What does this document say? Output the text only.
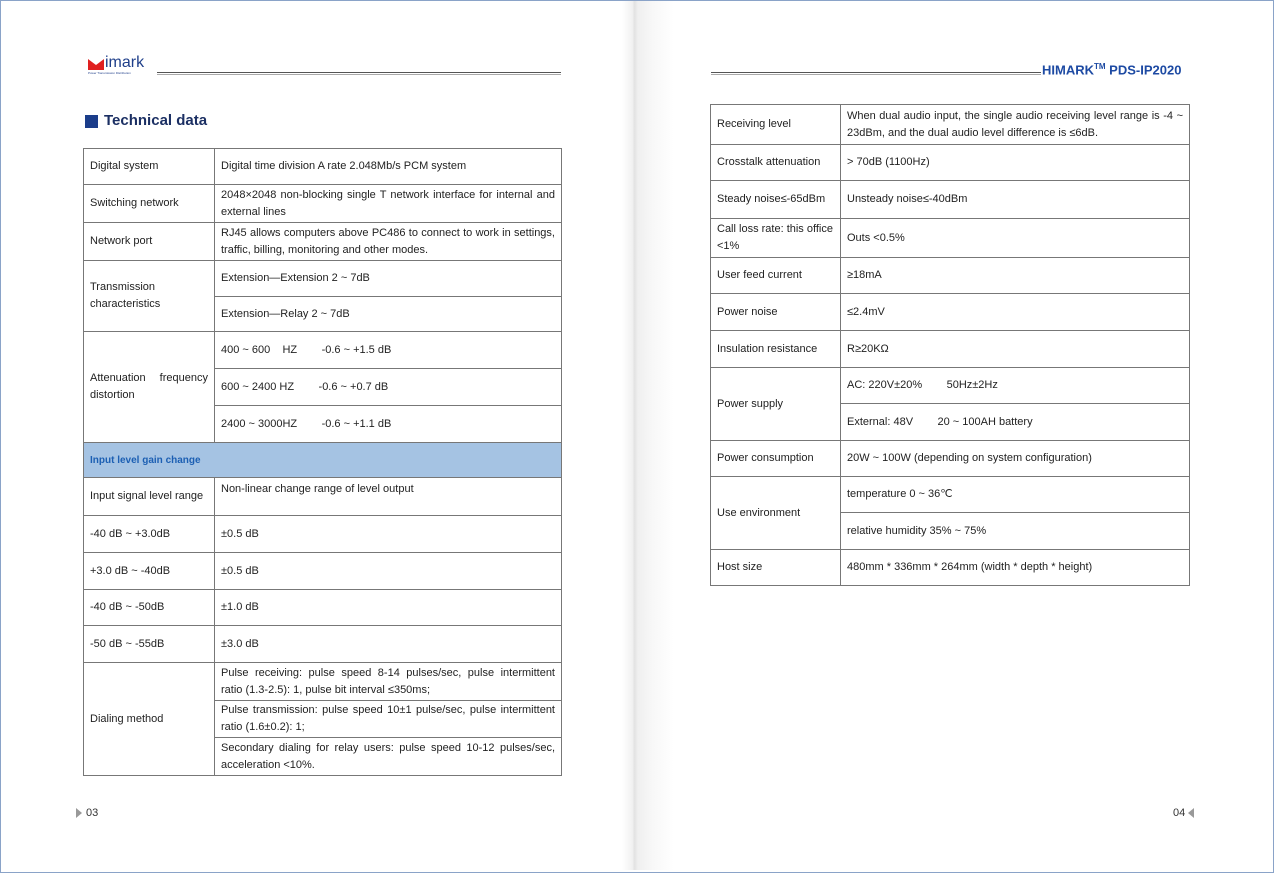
imark
Power Transmission Distribution
Technical data
Digital system	Digital time division A rate 2.048Mb/s PCM system
Switching network	2048×2048 non-blocking single T network interface for internal and external lines
Network port	RJ45 allows computers above PC486 to connect to work in settings, traffic, billing, monitoring and other modes.
Transmission characteristics	Extension—Extension 2 ~ 7dB
	Extension—Relay 2 ~ 7dB
Attenuation frequency distortion	400 ~ 600    HZ        -0.6 ~ +1.5 dB
	600 ~ 2400 HZ        -0.6 ~ +0.7 dB
	2400 ~ 3000HZ        -0.6 ~ +1.1 dB
Input level gain change	
Input signal level range	Non-linear change range of level output
-40 dB ~ +3.0dB	±0.5 dB
+3.0 dB ~ -40dB	±0.5 dB
-40 dB ~ -50dB	±1.0 dB
-50 dB ~ -55dB	±3.0 dB
Dialing method	Pulse receiving: pulse speed 8-14 pulses/sec, pulse intermittent ratio (1.3-2.5): 1, pulse bit interval ≤350ms;
	Pulse transmission: pulse speed 10±1 pulse/sec, pulse intermittent ratio (1.6±0.2): 1;
	Secondary dialing for relay users: pulse speed 10-12 pulses/sec, acceleration <10%.
03
HIMARK™ PDS-IP2020
Receiving level	When dual audio input, the single audio receiving level range is -4 ~ 23dBm, and the dual audio level difference is ≤6dB.
Crosstalk attenuation	> 70dB (1100Hz)
Steady noise≤-65dBm	Unsteady noise≤-40dBm
Call loss rate: this office <1%	Outs <0.5%
User feed current	≥18mA
Power noise	≤2.4mV
Insulation resistance	R≥20KΩ
Power supply	AC: 220V±20%        50Hz±2Hz
	External: 48V        20 ~ 100AH battery
Power consumption	20W ~ 100W (depending on system configuration)
Use environment	temperature 0 ~ 36℃
	relative humidity 35% ~ 75%
Host size	480mm * 336mm * 264mm (width * depth * height)
04
